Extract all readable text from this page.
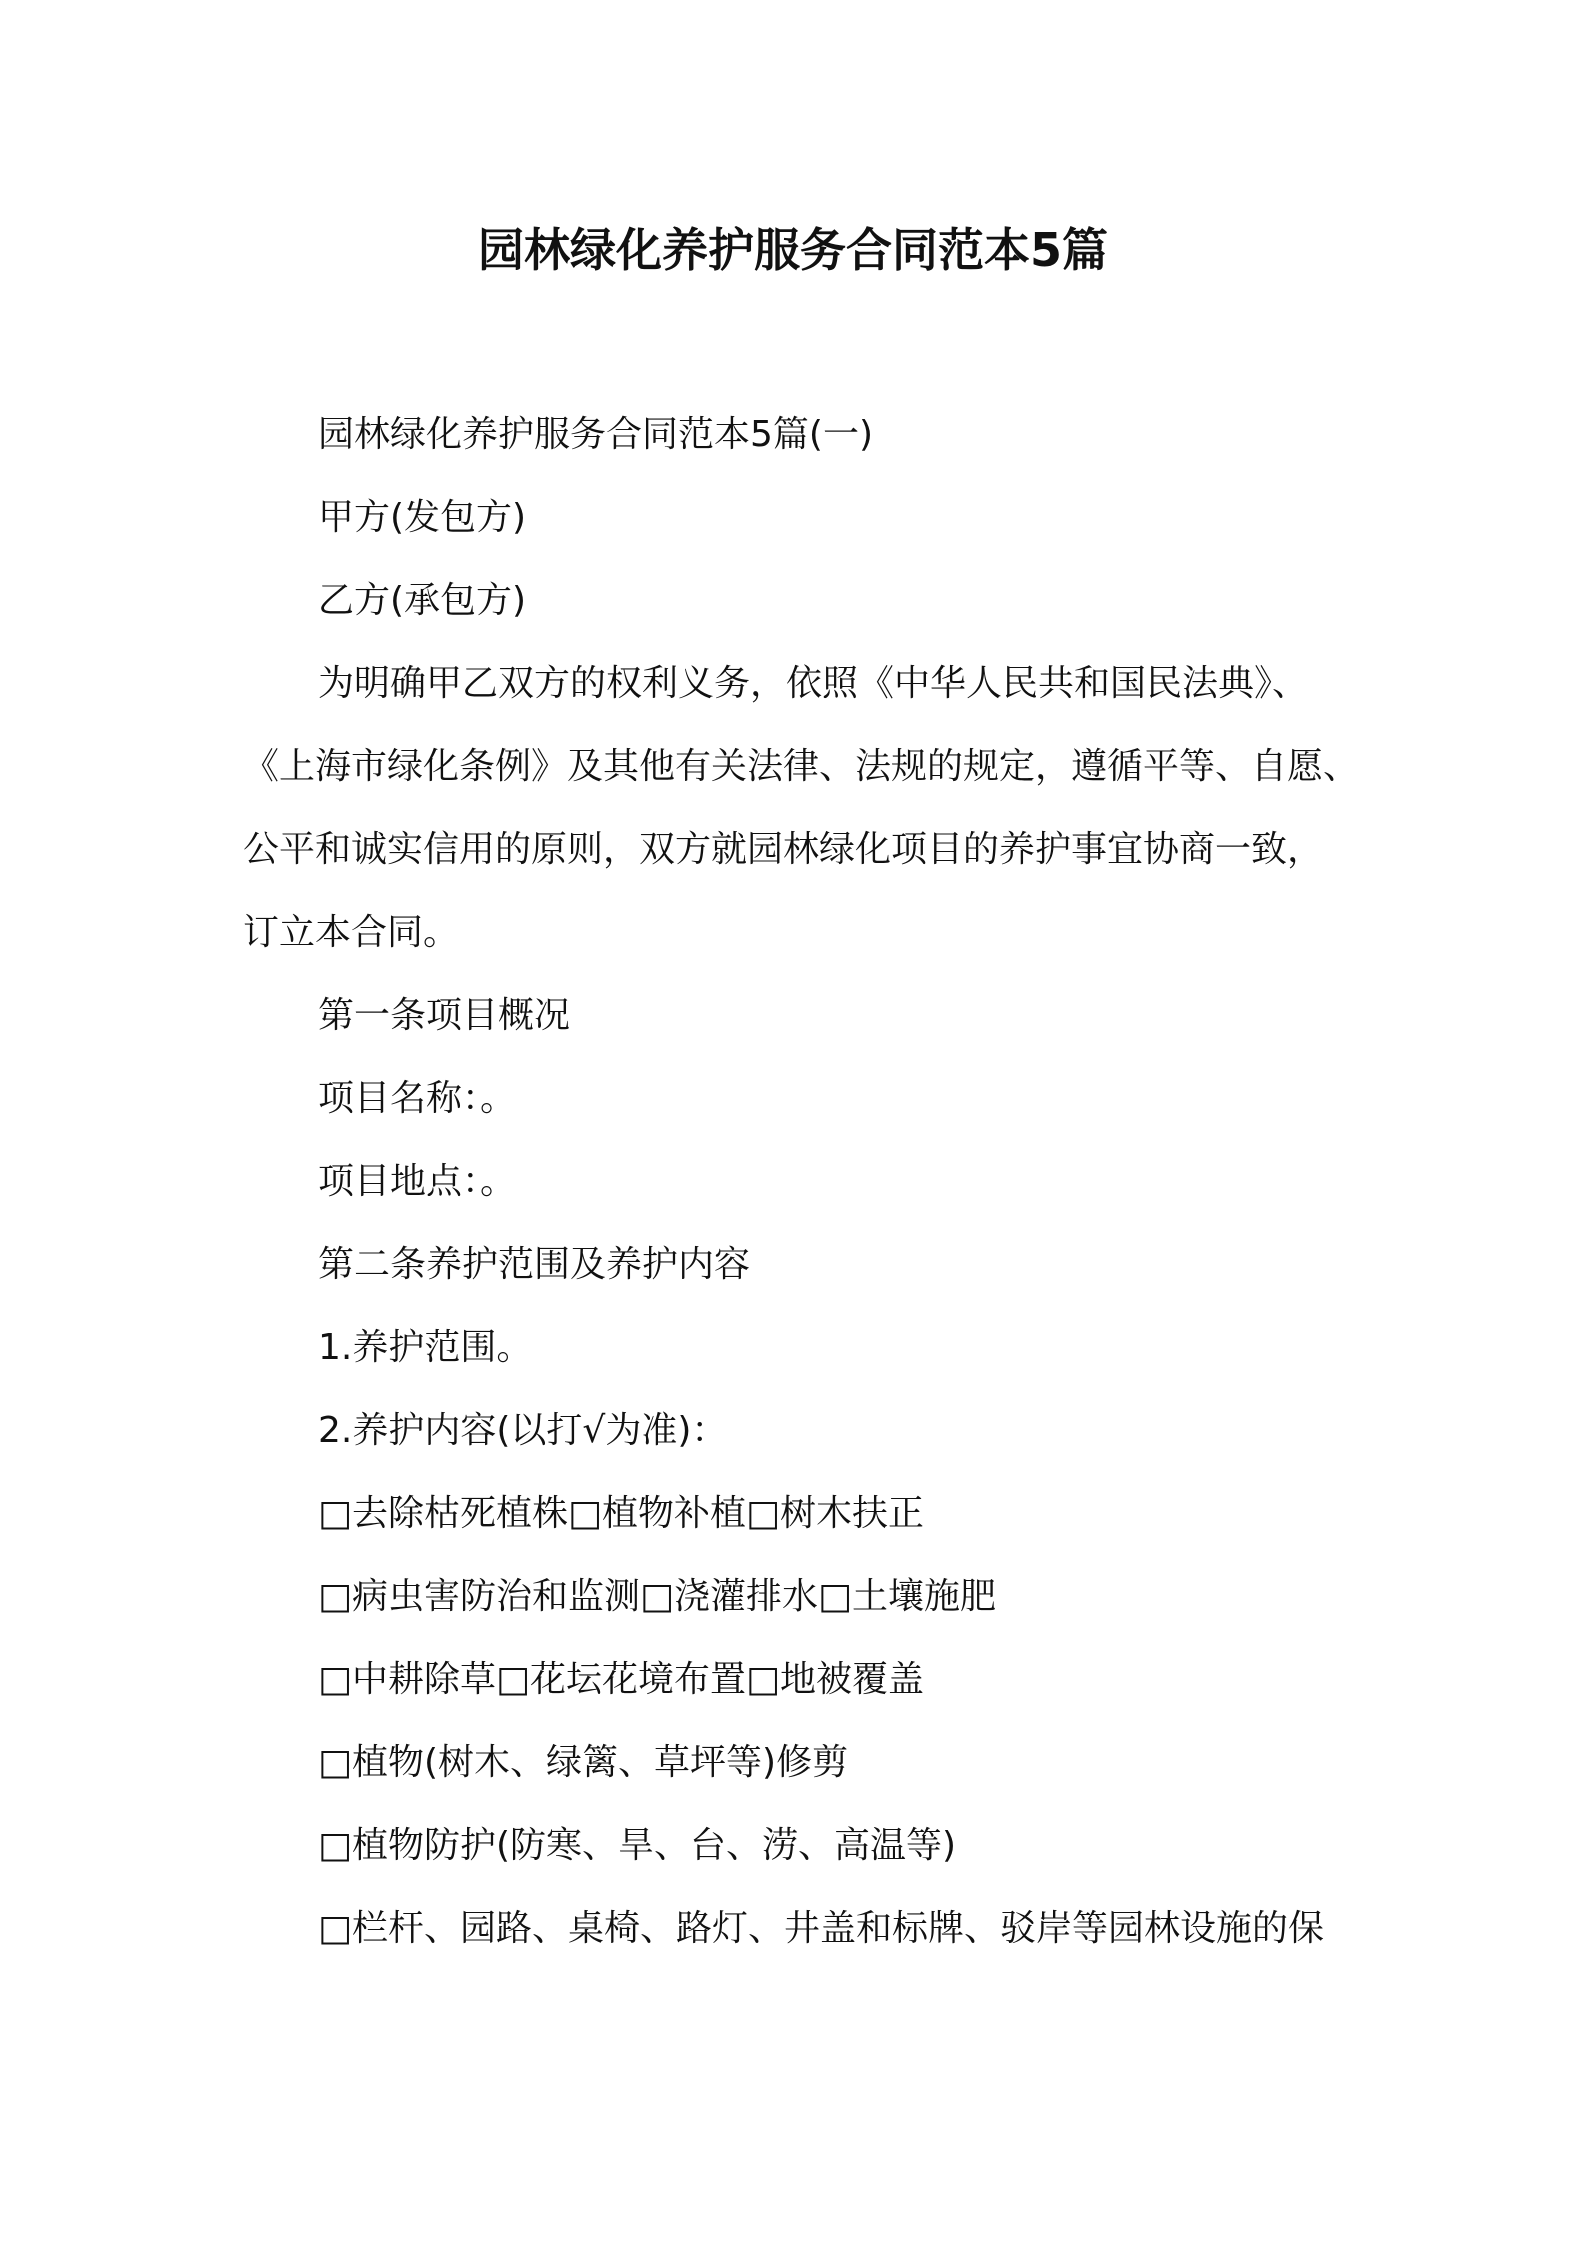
园林绿化养护服务合同范本5篇
园林绿化养护服务合同范本5篇(一)
甲方(发包方)
乙方(承包方)
为明确甲乙双方的权利义务，依照《中华人民共和国民法典》、
《上海市绿化条例》及其他有关法律、法规的规定，遵循平等、自愿、
公平和诚实信用的原则，双方就园林绿化项目的养护事宜协商一致，
订立本合同。
第一条项目概况
项目名称：。
项目地点：。
第二条养护范围及养护内容
1.养护范围。
2.养护内容(以打√为准)：
□去除枯死植株□植物补植□树木扶正
□病虫害防治和监测□浇灌排水□土壤施肥
□中耕除草□花坛花境布置□地被覆盖
□植物(树木、绿篱、草坪等)修剪
□植物防护(防寒、旱、台、涝、高温等)
□栏杆、园路、桌椅、路灯、井盖和标牌、驳岸等园林设施的保
